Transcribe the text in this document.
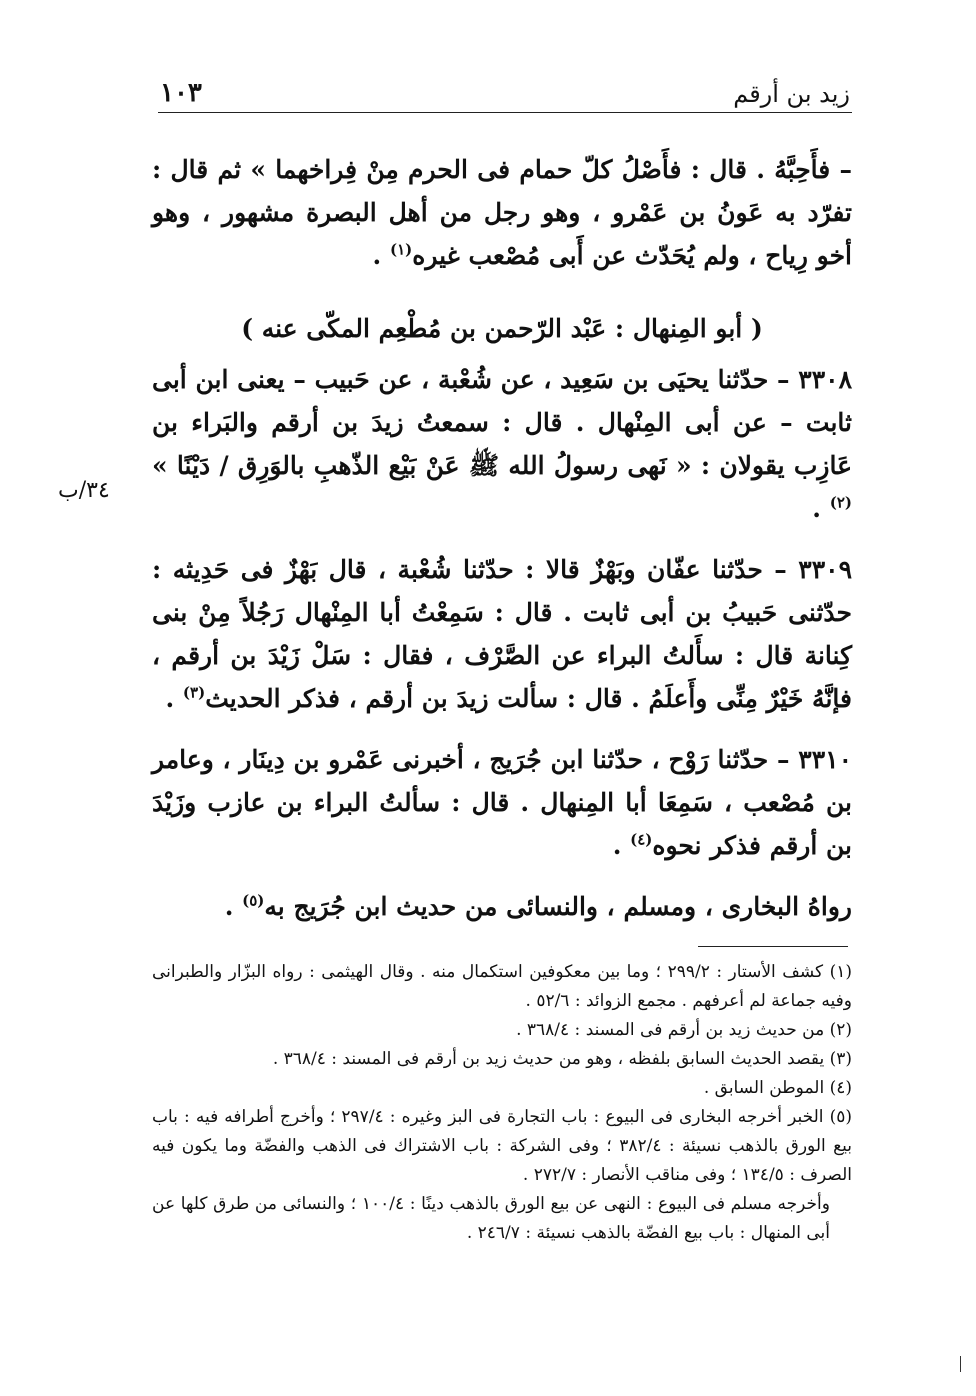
١٠٣	زيد بن أرقم
٣٤/ب

– فأَحِبَّهُ . قال : فأَصْلُ كلّ حمام فى الحرم مِنْ فِراخهما » ثم قال : تفرّد به عَونُ بن عَمْرو ، وهو رجل من أهل البصرة مشهور ، وهو أخو رِياح ، ولم يُحَدّث عن أَبى مُصْعب غيره$^{(١)}$ .

( أبو المِنهال : عَبْد الرّحمن بن مُطْعِم المكّى عنه )

٣٣٠٨ – حدّثنا يحيَى بن سَعِيد ، عن شُعْبة ، عن حَبيب – يعنى ابن أبى ثابت – عن أبى المِنْهال . قال : سمعتُ زيدَ بن أرقم والبَراء بن عَازِب يقولان : « نَهى رسولُ الله ﷺ عَنْ بَيْع الذّهبِ بالوَرِق / دَيْنًا » $^{(٢)}$ .

٣٣٠٩ – حدّثنا عفّان وبَهْزٌ قالا : حدّثنا شُعْبة ، قال بَهْزٌ فى حَدِيثه : حدّثنى حَبيبُ بن أبى ثابت . قال : سَمِعْتُ أبا المِنْهال رَجُلاً مِنْ بنى كِنانة قال : سأَلتُ البراء عن الصَّرْف ، فقال : سَلْ زَيْدَ بن أرقم ، فإنَّهُ خَيْرٌ مِنِّى وأَعلَمُ . قال : سألت زيدَ بن أرقم ، فذكر الحديث$^{(٣)}$ .

٣٣١٠ – حدّثنا رَوْح ، حدّثنا ابن جُرَيج ، أخبرنى عَمْرو بن دِينَار ، وعامر بن مُصْعب ، سَمِعَا أبا المِنهال . قال : سألتُ البراء بن عازب وزَيْدَ بن أرقم فذكر نحوه$^{(٤)}$ .

رواهُ البخارى ، ومسلم ، والنسائى من حديث ابن جُرَيج به$^{(٥)}$ .

(١) كشف الأستار : ٢٩٩/٢ ؛ وما بين معكوفين استكمال منه . وقال الهيثمى : رواه البزّار والطبرانى وفيه جماعة لم أعرفهم . مجمع الزوائد : ٥٢/٦ .

(٢) من حديث زيد بن أرقم فى المسند : ٣٦٨/٤ .

(٣) يقصد الحديث السابق بلفظه ، وهو من حديث زيد بن أرقم فى المسند : ٣٦٨/٤ .

(٤) الموطن السابق .

(٥) الخبر أخرجه البخارى فى البيوع : باب التجارة فى البز وغيره : ٢٩٧/٤ ؛ وأخرج أطرافه فيه : باب بيع الورق بالذهب نسيئة : ٣٨٢/٤ ؛ وفى الشركة : باب الاشتراك فى الذهب والفضّة وما يكون فيه الصرف : ١٣٤/٥ ؛ وفى مناقب الأنصار : ٢٧٢/٧ .

وأخرجه مسلم فى البيوع : النهى عن بيع الورق بالذهب دينًا : ١٠٠/٤ ؛ والنسائى من طرق كلها عن أبى المنهال : باب بيع الفضّة بالذهب نسيئة : ٢٤٦/٧ .
